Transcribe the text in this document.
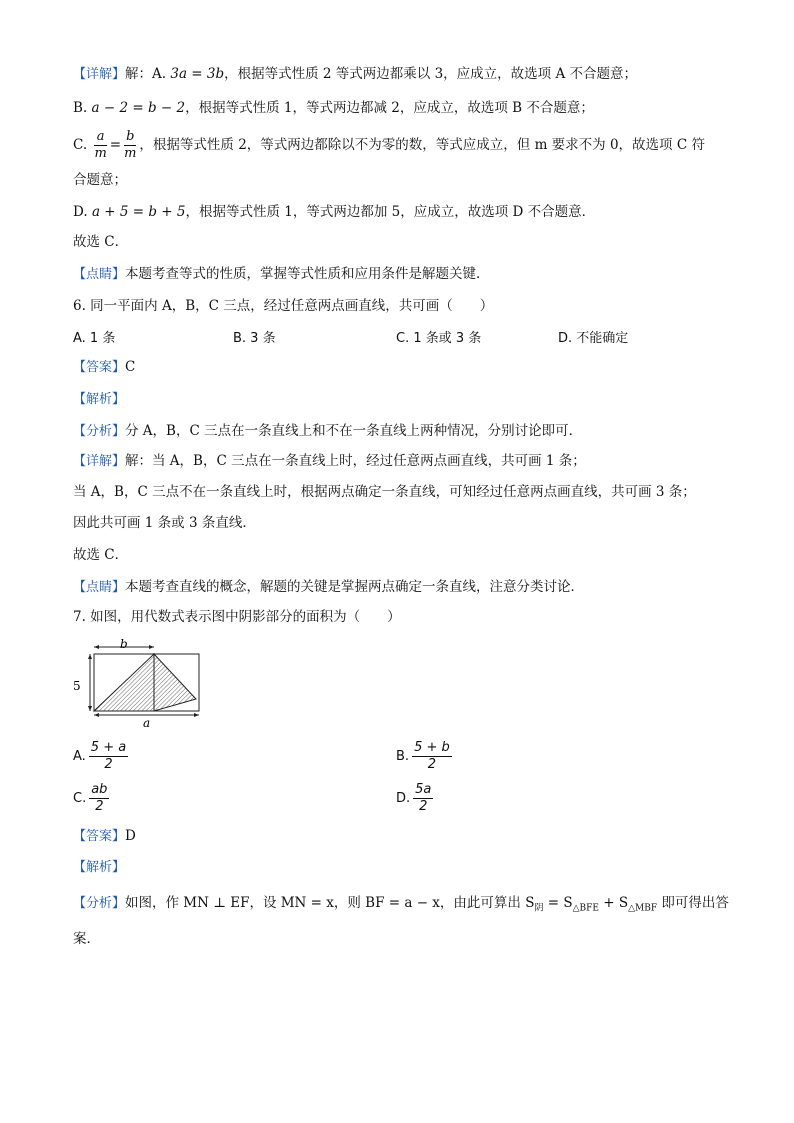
【详解】解：A. 3a = 3b，根据等式性质 2 等式两边都乘以 3，应成立，故选项 A 不合题意；
B. a − 2 = b − 2，根据等式性质 1，等式两边都减 2，应成立，故选项 B 不合题意；
C. $\frac{a}{m} = \frac{b}{m}$ ，根据等式性质 2，等式两边都除以不为零的数，等式应成立，但 m 要求不为 0，故选项 C 符
合题意；
D. a + 5 = b + 5，根据等式性质 1，等式两边都加 5，应成立，故选项 D 不合题意．
故选 C．
【点睛】本题考查等式的性质，掌握等式性质和应用条件是解题关键．
6. 同一平面内 A，B，C 三点，经过任意两点画直线，共可画（　　）
A. 1 条	B. 3 条	C. 1 条或 3 条	D. 不能确定
【答案】C
【解析】
【分析】分 A，B，C 三点在一条直线上和不在一条直线上两种情况，分别讨论即可．
【详解】解：当 A，B，C 三点在一条直线上时，经过任意两点画直线，共可画 1 条；
当 A，B，C 三点不在一条直线上时，根据两点确定一条直线，可知经过任意两点画直线，共可画 3 条；
因此共可画 1 条或 3 条直线．
故选 C．
【点睛】本题考查直线的概念，解题的关键是掌握两点确定一条直线，注意分类讨论．
7. 如图，用代数式表示图中阴影部分的面积为（　　）
b
5
a
A. $\frac{5 + a}{2}$	B. $\frac{5 + b}{2}$
C. $\frac{ab}{2}$	D. $\frac{5a}{2}$
【答案】D
【解析】
【分析】如图，作 MN ⊥ EF，设 MN = x，则 BF = a − x，由此可算出 $S_阴 = S_{\triangle BFE} + S_{\triangle MBF}$ 即可得出答
案．
